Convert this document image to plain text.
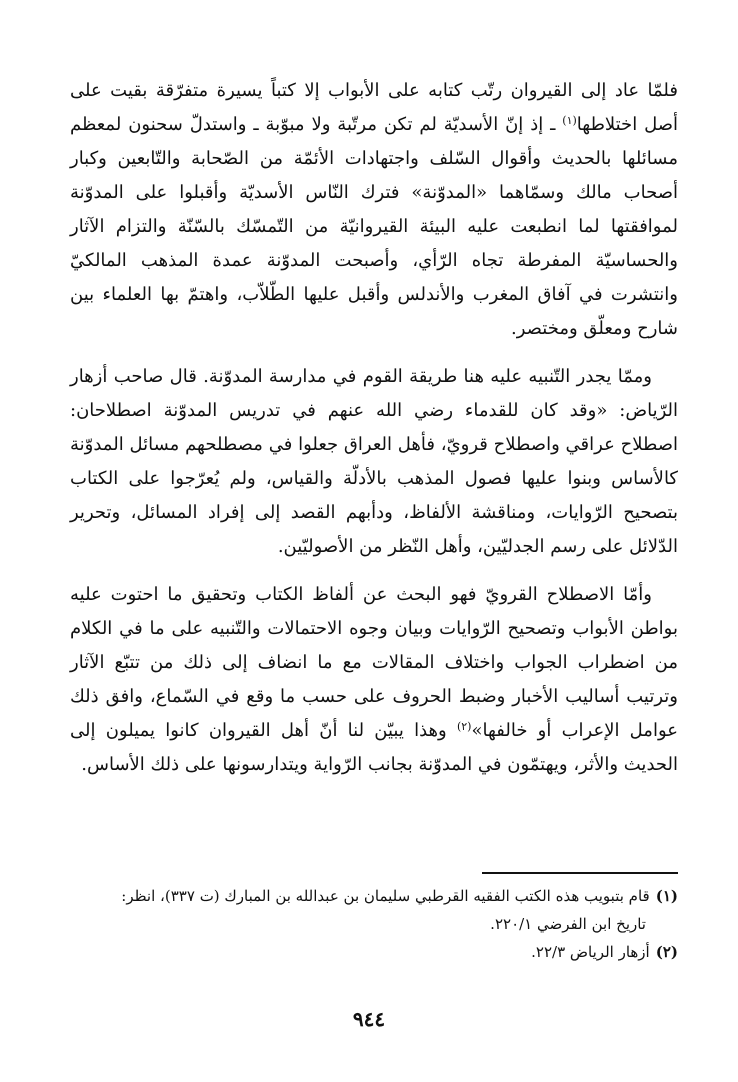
فلمّا عاد إلى القيروان رتّب كتابه على الأبواب إلا كتباً يسيرة متفرّقة بقيت على أصل اختلاطها$^{(١)}$ ـ إذ إنّ الأسديّة لم تكن مرتّبة ولا مبوّبة ـ واستدلّ سحنون لمعظم مسائلها بالحديث وأقوال السّلف واجتهادات الأئمّة من الصّحابة والتّابعين وكبار أصحاب مالك وسمّاهما «المدوّنة» فترك النّاس الأسديّة وأقبلوا على المدوّنة لموافقتها لما انطبعت عليه البيئة القيروانيّة من التّمسّك بالسّنّة والتزام الآثار والحساسيّة المفرطة تجاه الرّأي، وأصبحت المدوّنة عمدة المذهب المالكيّ وانتشرت في آفاق المغرب والأندلس وأقبل عليها الطّلاّب، واهتمّ بها العلماء بين شارح ومعلّق ومختصر.

وممّا يجدر التّنبيه عليه هنا طريقة القوم في مدارسة المدوّنة. قال صاحب أزهار الرّياض: «وقد كان للقدماء رضي الله عنهم في تدريس المدوّنة اصطلاحان: اصطلاح عراقي واصطلاح قرويّ، فأهل العراق جعلوا في مصطلحهم مسائل المدوّنة كالأساس وبنوا عليها فصول المذهب بالأدلّة والقياس، ولم يُعرّجوا على الكتاب بتصحيح الرّوايات، ومناقشة الألفاظ، ودأبهم القصد إلى إفراد المسائل، وتحرير الدّلائل على رسم الجدليّين، وأهل النّظر من الأصوليّين.

وأمّا الاصطلاح القرويّ فهو البحث عن ألفاظ الكتاب وتحقيق ما احتوت عليه بواطن الأبواب وتصحيح الرّوايات وبيان وجوه الاحتمالات والتّنبيه على ما في الكلام من اضطراب الجواب واختلاف المقالات مع ما انضاف إلى ذلك من تتبّع الآثار وترتيب أساليب الأخبار وضبط الحروف على حسب ما وقع في السّماع، وافق ذلك عوامل الإعراب أو خالفها»$^{(٢)}$ وهذا يبيّن لنا أنّ أهل القيروان كانوا يميلون إلى الحديث والأثر، ويهتمّون في المدوّنة بجانب الرّواية ويتدارسونها على ذلك الأساس.

(١)قام بتبويب هذه الكتب الفقيه القرطبي سليمان بن عبدالله بن المبارك (ت ٣٣٧)، انظر:

تاريخ ابن الفرضي ٢٢٠/١.

(٢)أزهار الرياض ٢٢/٣.

٩٤٤
